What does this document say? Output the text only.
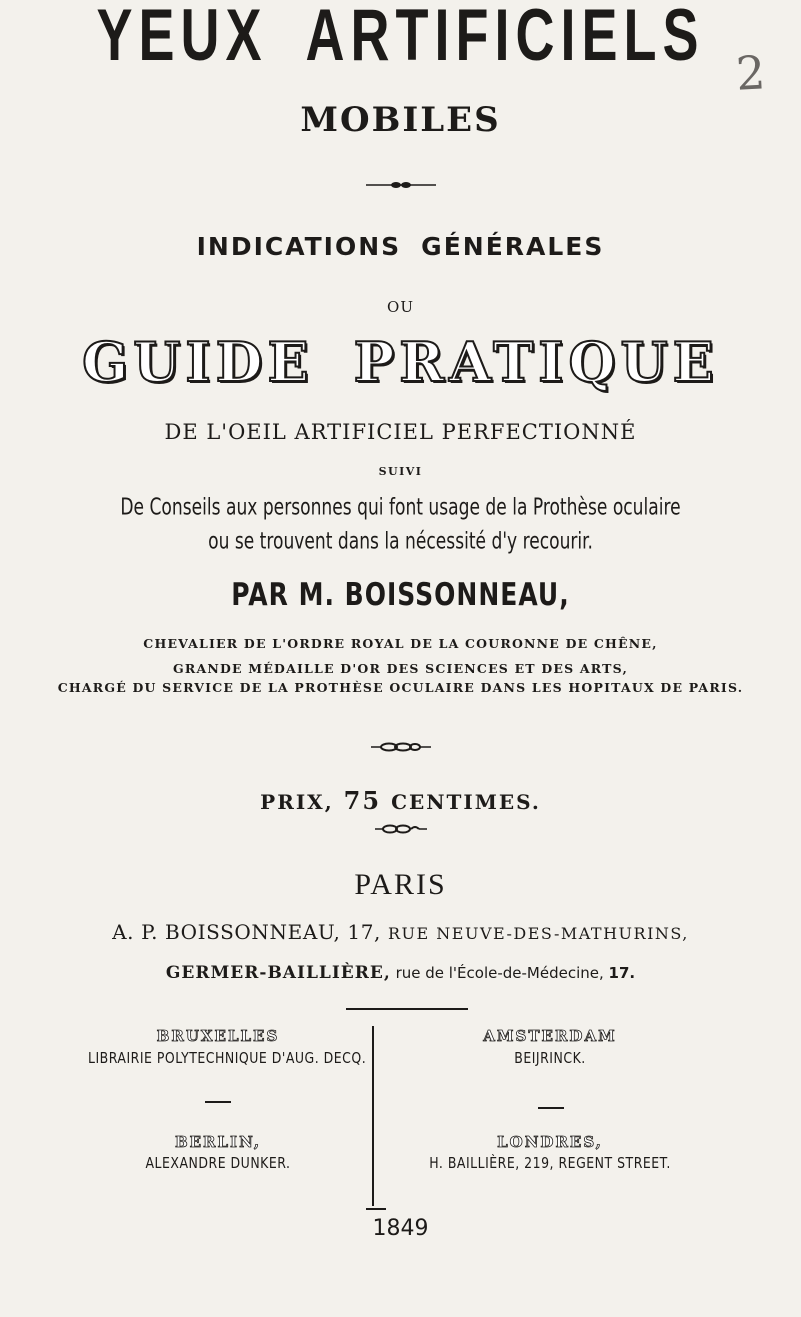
YEUX ARTIFICIELS 2
MOBILES
INDICATIONS GÉNÉRALES
OU
GUIDE PRATIQUE
DE L'OEIL ARTIFICIEL PERFECTIONNÉ
SUIVI
De Conseils aux personnes qui font usage de la Prothèse oculaire
ou se trouvent dans la nécessité d'y recourir.
PAR M. BOISSONNEAU,
CHEVALIER DE L'ORDRE ROYAL DE LA COURONNE DE CHÊNE,
GRANDE MÉDAILLE D'OR DES SCIENCES ET DES ARTS,
CHARGÉ DU SERVICE DE LA PROTHÈSE OCULAIRE DANS LES HOPITAUX DE PARIS.
PRIX, 75 CENTIMES.
PARIS
A. P. BOISSONNEAU, 17, RUE NEUVE-DES-MATHURINS,
GERMER-BAILLIÈRE, rue de l'École-de-Médecine, 17.
BRUXELLES
LIBRAIRIE POLYTECHNIQUE D'AUG. DECQ.
BERLIN,
ALEXANDRE DUNKER.
AMSTERDAM
BEIJRINCK.
LONDRES,
H. BAILLIÈRE, 219, REGENT STREET.
1849
